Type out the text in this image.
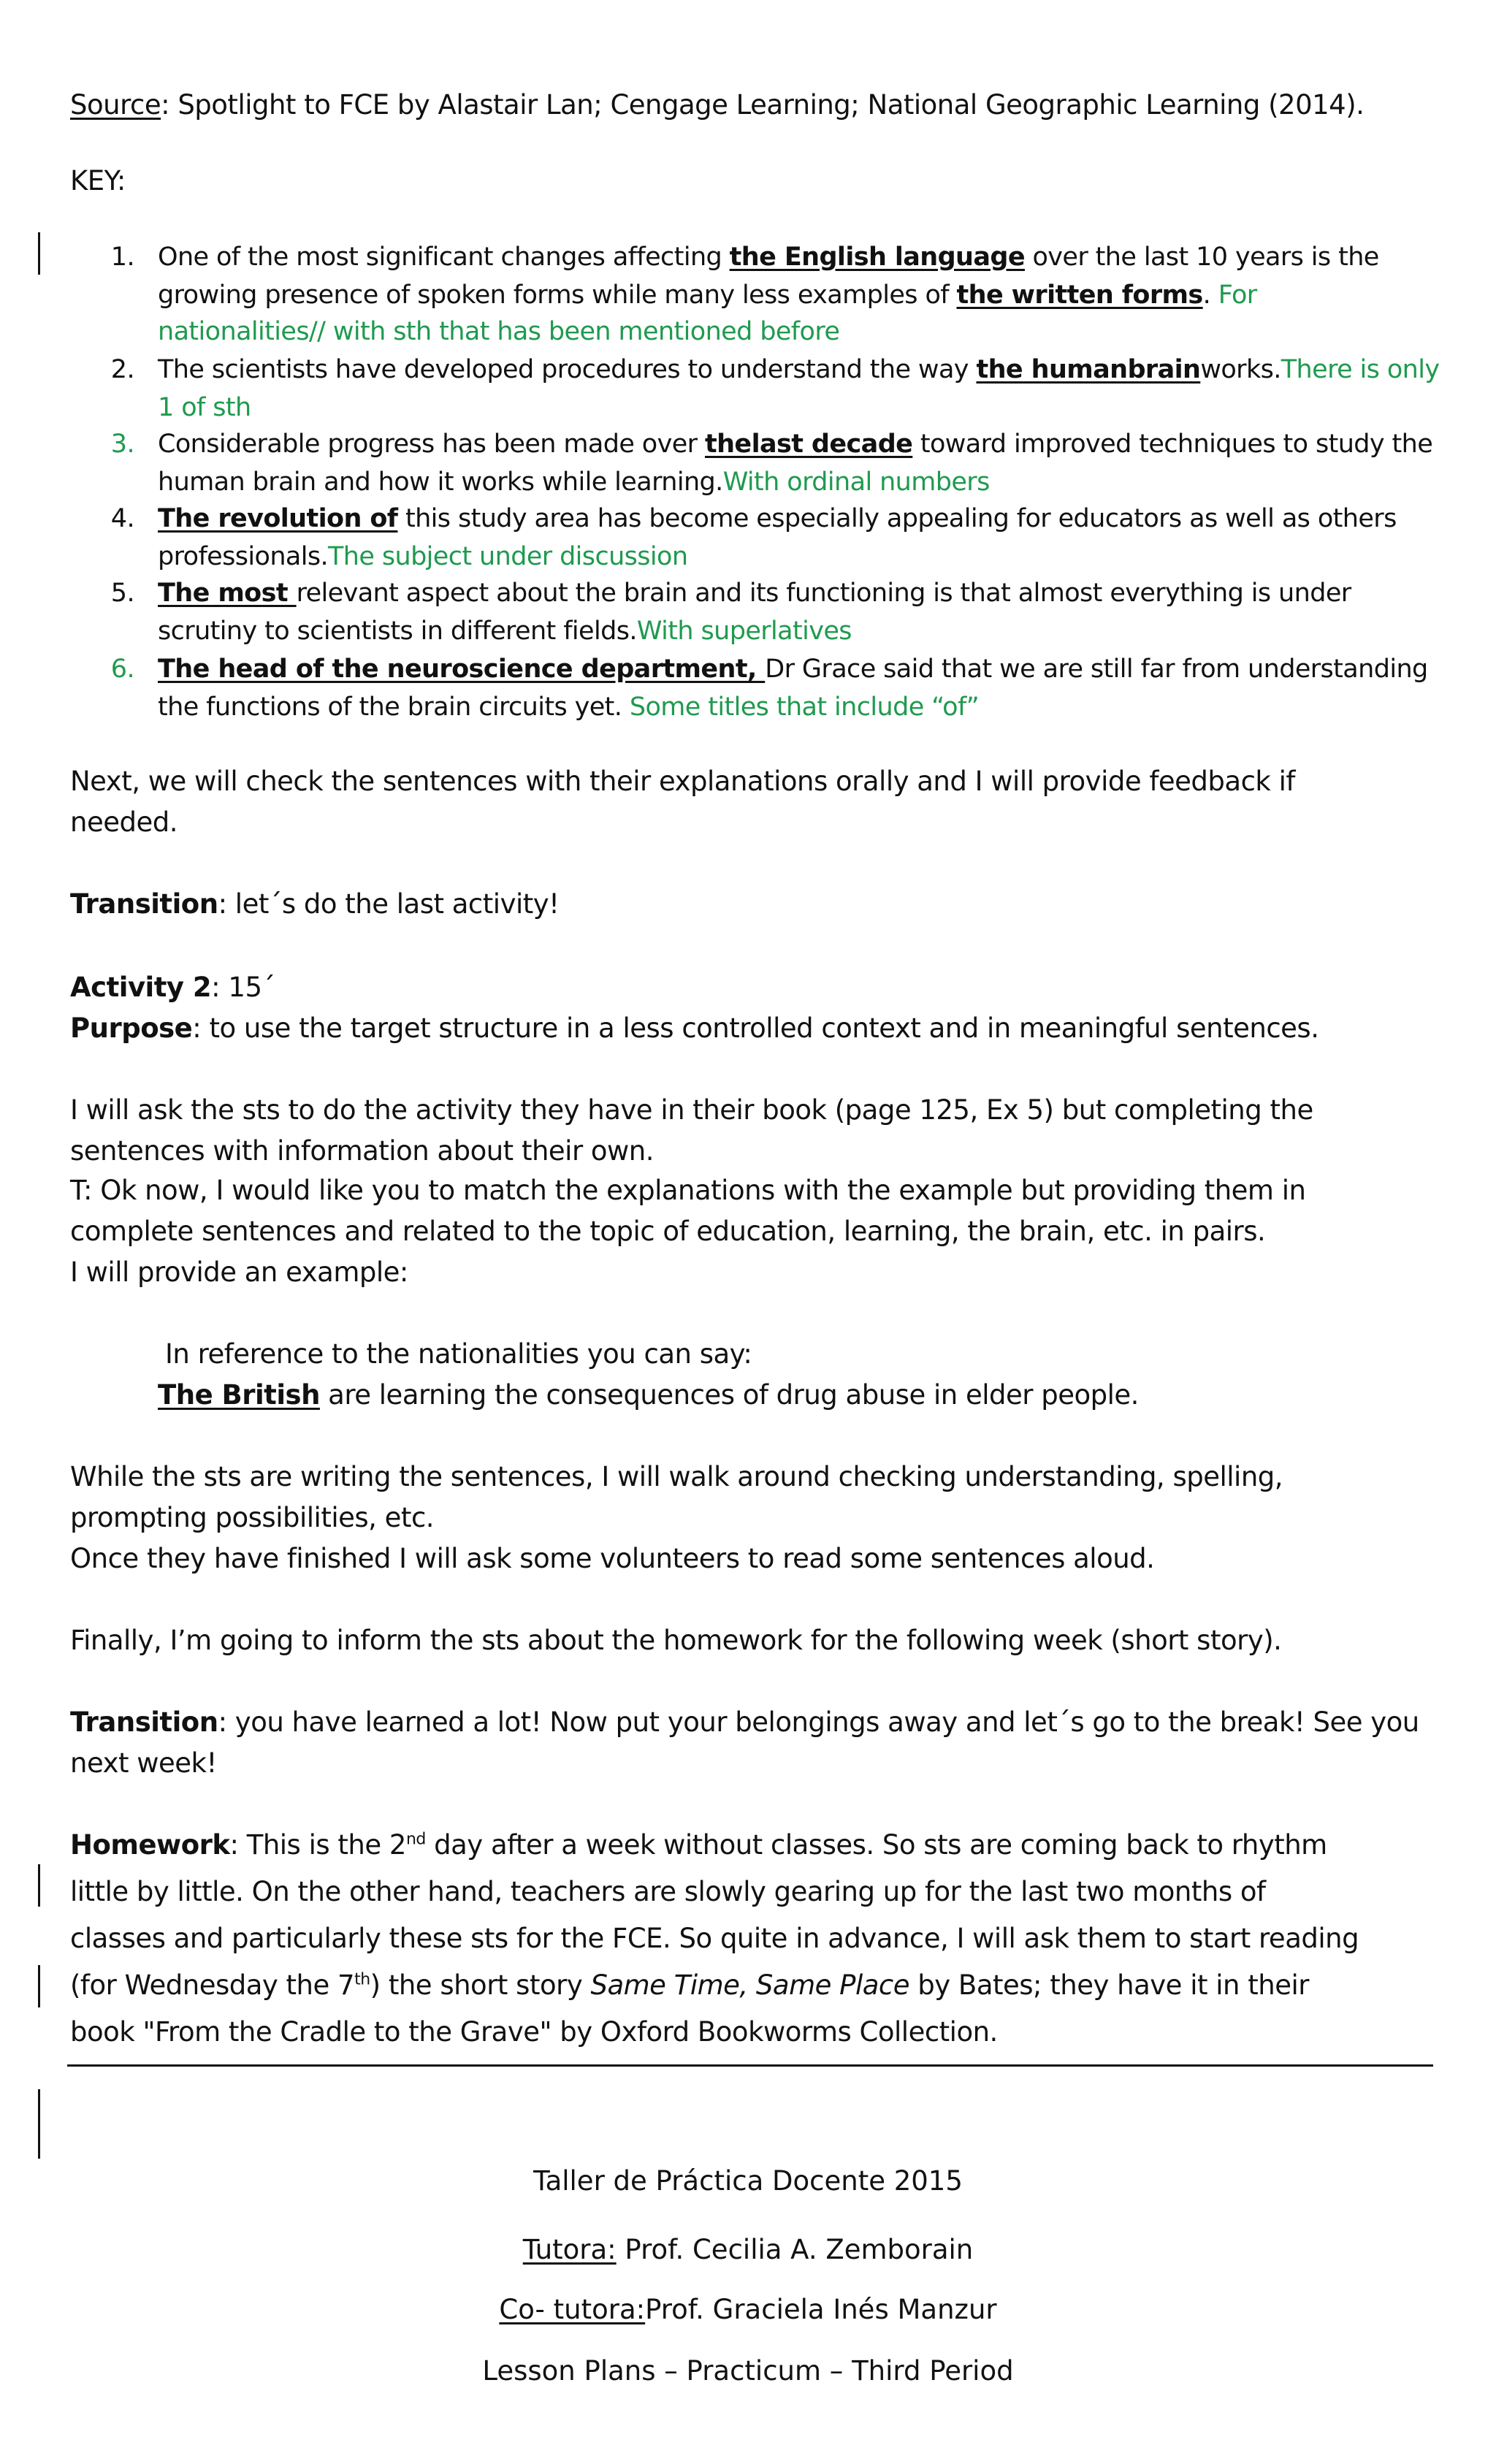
Source: Spotlight to FCE by Alastair Lan; Cengage Learning; National Geographic Learning (2014).
KEY:
1. One of the most significant changes affecting the English language over the last 10 years is the
growing presence of spoken forms while many less examples of the written forms. For
nationalities// with sth that has been mentioned before
2. The scientists have developed procedures to understand the way the humanbrainworks.There is only
1 of sth
3. Considerable progress has been made over thelast decade toward improved techniques to study the
human brain and how it works while learning.With ordinal numbers
4. The revolution of this study area has become especially appealing for educators as well as others
professionals.The subject under discussion
5. The most relevant aspect about the brain and its functioning is that almost everything is under
scrutiny to scientists in different fields.With superlatives
6. The head of the neuroscience department, Dr Grace said that we are still far from understanding
the functions of the brain circuits yet. Some titles that include “of”
Next, we will check the sentences with their explanations orally and I will provide feedback if
needed.
Transition: let´s do the last activity!
Activity 2: 15´
Purpose: to use the target structure in a less controlled context and in meaningful sentences.
I will ask the sts to do the activity they have in their book (page 125, Ex 5) but completing the
sentences with information about their own.
T: Ok now, I would like you to match the explanations with the example but providing them in
complete sentences and related to the topic of education, learning, the brain, etc. in pairs.
I will provide an example:
In reference to the nationalities you can say:
The British are learning the consequences of drug abuse in elder people.
While the sts are writing the sentences, I will walk around checking understanding, spelling,
prompting possibilities, etc.
Once they have finished I will ask some volunteers to read some sentences aloud.
Finally, I’m going to inform the sts about the homework for the following week (short story).
Transition: you have learned a lot! Now put your belongings away and let´s go to the break! See you
next week!
Homework: This is the 2nd day after a week without classes. So sts are coming back to rhythm
little by little. On the other hand, teachers are slowly gearing up for the last two months of
classes and particularly these sts for the FCE. So quite in advance, I will ask them to start reading
(for Wednesday the 7th) the short story Same Time, Same Place by Bates; they have it in their
book "From the Cradle to the Grave" by Oxford Bookworms Collection.
Taller de Práctica Docente 2015
Tutora: Prof. Cecilia A. Zemborain
Co- tutora:Prof. Graciela Inés Manzur
Lesson Plans – Practicum – Third Period
